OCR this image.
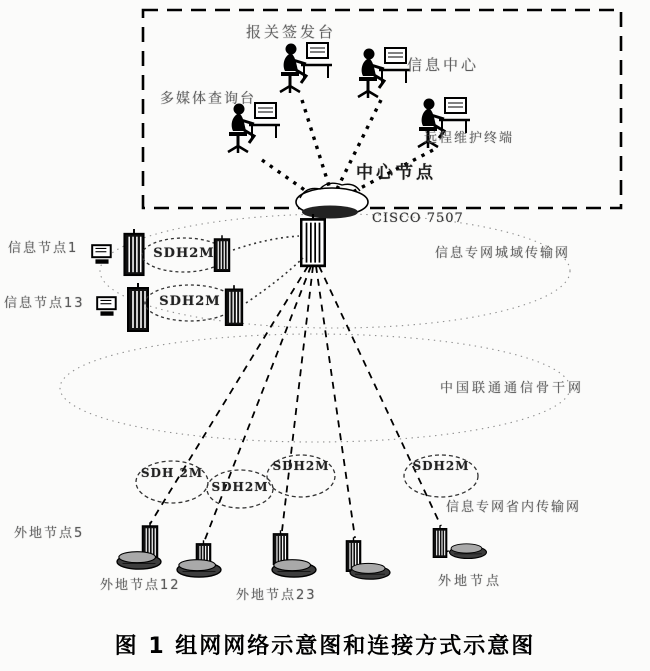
报关签发台
信息中心
多媒体查询台
远程维护终端
中心节点
CISCO 7507
信息节点1	SDH2M
信息节点13	SDH2M
信息专网城域传输网
中国联通通信骨干网
信息专网省内传输网
SDH 2M
SDH2M
SDH2M	SDH2M
外地节点5
外地节点12
外地节点23
外地节点
图 1 组网网络示意图和连接方式示意图
